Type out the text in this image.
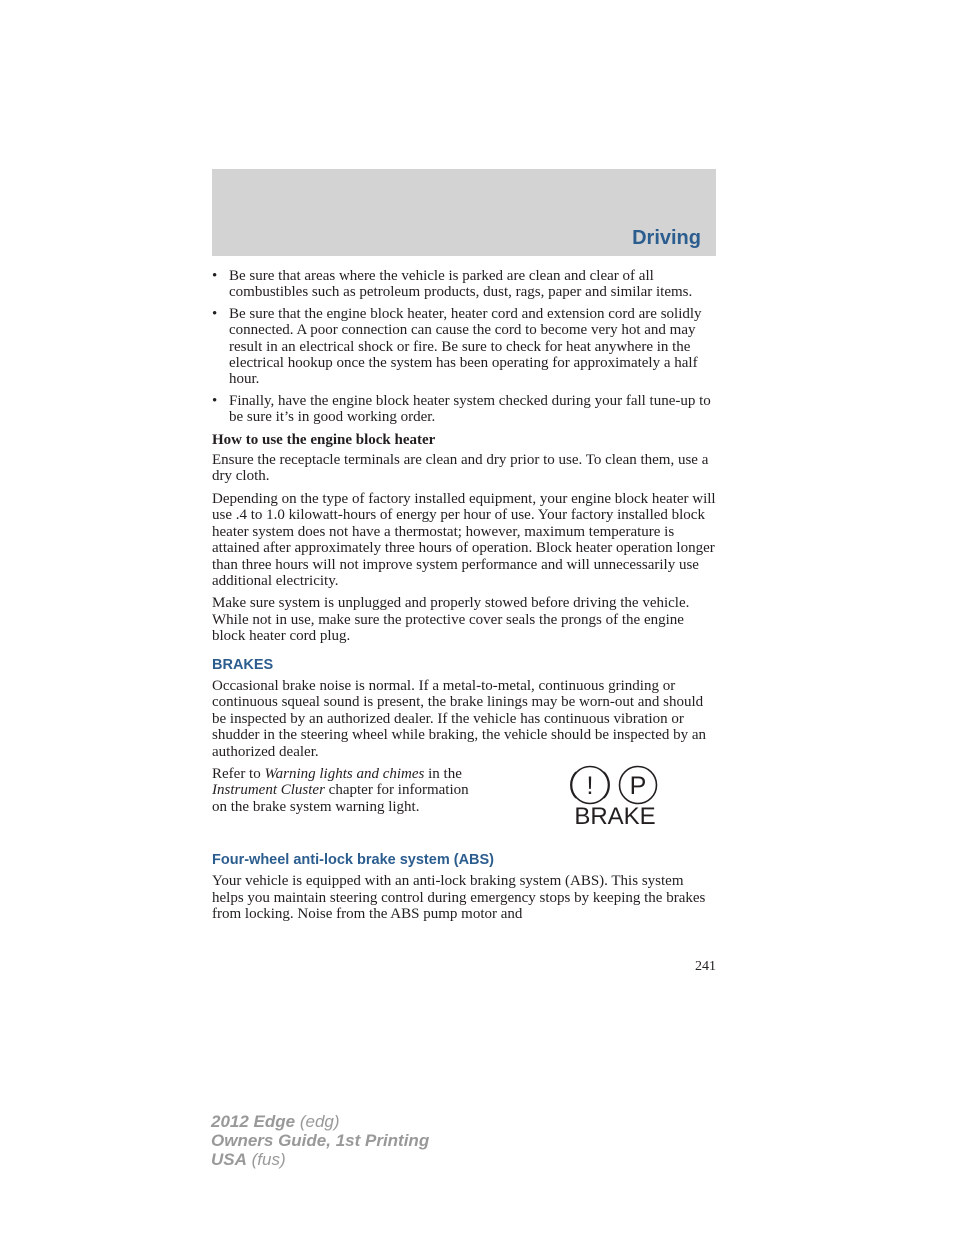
Driving
• Be sure that areas where the vehicle is parked are clean and clear of all combustibles such as petroleum products, dust, rags, paper and similar items.
• Be sure that the engine block heater, heater cord and extension cord are solidly connected. A poor connection can cause the cord to become very hot and may result in an electrical shock or fire. Be sure to check for heat anywhere in the electrical hookup once the system has been operating for approximately a half hour.
• Finally, have the engine block heater system checked during your fall tune-up to be sure it’s in good working order.
How to use the engine block heater

Ensure the receptacle terminals are clean and dry prior to use. To clean them, use a dry cloth.

Depending on the type of factory installed equipment, your engine block heater will use .4 to 1.0 kilowatt-hours of energy per hour of use. Your factory installed block heater system does not have a thermostat; however, maximum temperature is attained after approximately three hours of operation. Block heater operation longer than three hours will not improve system performance and will unnecessarily use additional electricity.

Make sure system is unplugged and properly stowed before driving the vehicle. While not in use, make sure the protective cover seals the prongs of the engine block heater cord plug.

BRAKES

Occasional brake noise is normal. If a metal-to-metal, continuous grinding or continuous squeal sound is present, the brake linings may be worn-out and should be inspected by an authorized dealer. If the vehicle has continuous vibration or shudder in the steering wheel while braking, the vehicle should be inspected by an authorized dealer.

Refer to Warning lights and chimes in the Instrument Cluster chapter for information on the brake system warning light.
! P
BRAKE
Four-wheel anti-lock brake system (ABS)

Your vehicle is equipped with an anti-lock braking system (ABS). This system helps you maintain steering control during emergency stops by keeping the brakes from locking. Noise from the ABS pump motor and

241
2012 Edge (edg)
Owners Guide, 1st Printing
USA (fus)
